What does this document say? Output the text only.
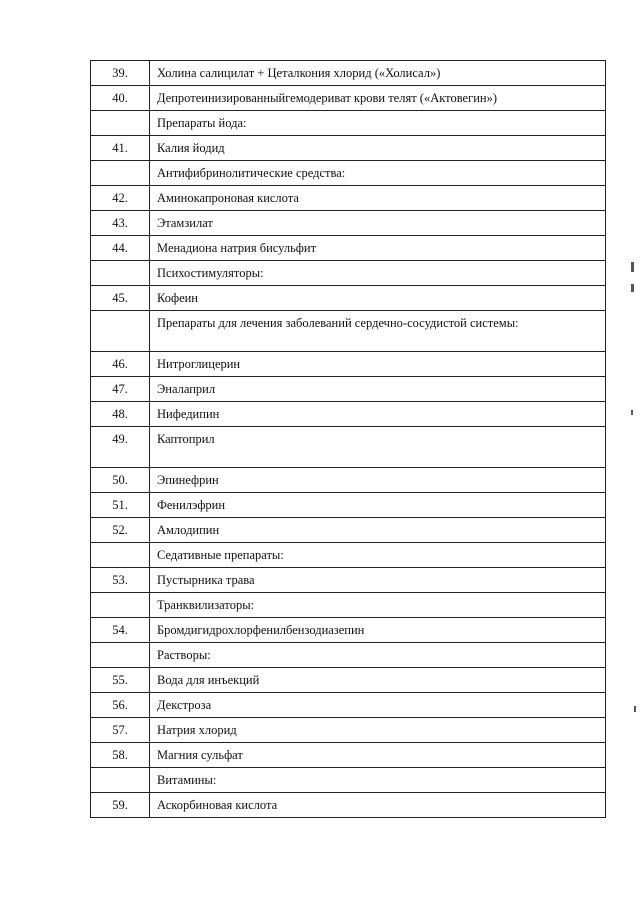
39.	Холина салицилат + Цеталкония хлорид («Холисал»)

40.	Депротеинизированныйгемодериват крови телят («Актовегин»)

	Препараты йода:

41.	Калия йодид

	Антифибринолитические средства:

42.	Аминокапроновая кислота

43.	Этамзилат

44.	Менадиона натрия бисульфит

	Психостимуляторы:

45.	Кофеин

	Препараты для лечения заболеваний сердечно-сосудистой системы:

46.	Нитроглицерин

47.	Эналаприл

48.	Нифедипин

49.	Каптоприл

50.	Эпинефрин

51.	Фенилэфрин

52.	Амлодипин

	Седативные препараты:

53.	Пустырника трава

	Транквилизаторы:

54.	Бромдигидрохлорфенилбензодиазепин

	Растворы:

55.	Вода для инъекций

56.	Декстроза

57.	Натрия хлорид

58.	Магния сульфат

	Витамины:

59.	Аскорбиновая кислота
